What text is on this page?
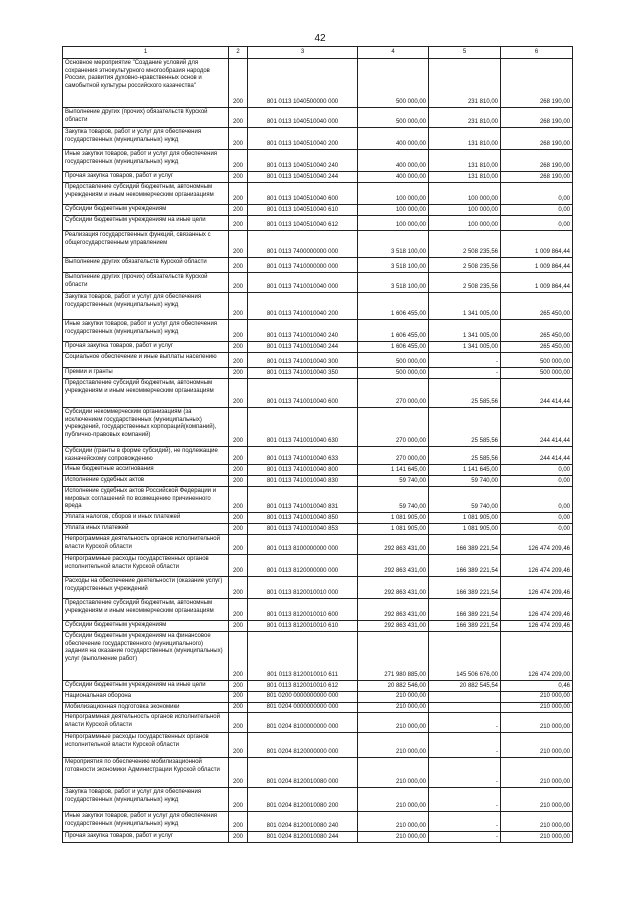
42
1	2	3	4	5	6
Основное мероприятие "Создание условий для сохранения этнокультурного многообразия народов России, развития духовно-нравственных основ и самобытной культуры российского казачества"	200	801 0113 1040500000 000	500 000,00	231 810,00	268 190,00
Выполнение других (прочих) обязательств Курской области	200	801 0113 1040510040 000	500 000,00	231 810,00	268 190,00
Закупка товаров, работ и услуг для обеспечения государственных (муниципальных) нужд	200	801 0113 1040510040 200	400 000,00	131 810,00	268 190,00
Иные закупки товаров, работ и услуг для обеспечения государственных (муниципальных) нужд	200	801 0113 1040510040 240	400 000,00	131 810,00	268 190,00
Прочая закупка товаров, работ и услуг	200	801 0113 1040510040 244	400 000,00	131 810,00	268 190,00
Предоставление субсидий бюджетным, автономным учреждениям и иным некоммерческим организациям	200	801 0113 1040510040 600	100 000,00	100 000,00	0,00
Субсидии бюджетным учреждениям	200	801 0113 1040510040 610	100 000,00	100 000,00	0,00
Субсидии бюджетным учреждениям на иные цели	200	801 0113 1040510040 612	100 000,00	100 000,00	0,00
Реализация государственных функций, связанных с общегосударственным управлением	200	801 0113 7400000000 000	3 518 100,00	2 508 235,56	1 009 864,44
Выполнение других обязательств Курской области	200	801 0113 7410000000 000	3 518 100,00	2 508 235,56	1 009 864,44
Выполнение других (прочих) обязательств Курской области	200	801 0113 7410010040 000	3 518 100,00	2 508 235,56	1 009 864,44
Закупка товаров, работ и услуг для обеспечения государственных (муниципальных) нужд	200	801 0113 7410010040 200	1 606 455,00	1 341 005,00	265 450,00
Иные закупки товаров, работ и услуг для обеспечения государственных (муниципальных) нужд	200	801 0113 7410010040 240	1 606 455,00	1 341 005,00	265 450,00
Прочая закупка товаров, работ и услуг	200	801 0113 7410010040 244	1 606 455,00	1 341 005,00	265 450,00
Социальное обеспечение и иные выплаты населению	200	801 0113 7410010040 300	500 000,00	-	500 000,00
Премии и гранты	200	801 0113 7410010040 350	500 000,00	-	500 000,00
Предоставление субсидий бюджетным, автономным учреждениям и иным некоммерческим организациям	200	801 0113 7410010040 600	270 000,00	25 585,56	244 414,44
Субсидии некоммерческим организациям (за исключением государственных (муниципальных) учреждений, государственных корпораций(компаний), публично-правовых компаний)	200	801 0113 7410010040 630	270 000,00	25 585,56	244 414,44
Субсидии (гранты в форме субсидий), не подлежащие казначейскому сопровождению	200	801 0113 7410010040 633	270 000,00	25 585,56	244 414,44
Иные бюджетные ассигнования	200	801 0113 7410010040 800	1 141 645,00	1 141 645,00	0,00
Исполнение судебных актов	200	801 0113 7410010040 830	59 740,00	59 740,00	0,00
Исполнение судебных актов Российской Федерации и мировых соглашений по возмещению причиненного вреда	200	801 0113 7410010040 831	59 740,00	59 740,00	0,00
Уплата налогов, сборов и иных платежей	200	801 0113 7410010040 850	1 081 905,00	1 081 905,00	0,00
Уплата иных платежей	200	801 0113 7410010040 853	1 081 905,00	1 081 905,00	0,00
Непрограммная деятельность органов исполнительной власти Курской области	200	801 0113 8100000000 000	292 863 431,00	166 389 221,54	126 474 209,46
Непрограммные расходы государственных органов исполнительной власти Курской области	200	801 0113 8120000000 000	292 863 431,00	166 389 221,54	126 474 209,46
Расходы на обеспечение деятельности (оказание услуг) государственных учреждений	200	801 0113 8120010010 000	292 863 431,00	166 389 221,54	126 474 209,46
Предоставление субсидий бюджетным, автономным учреждениям и иным некоммерческим организациям	200	801 0113 8120010010 600	292 863 431,00	166 389 221,54	126 474 209,46
Субсидии бюджетным учреждениям	200	801 0113 8120010010 610	292 863 431,00	166 389 221,54	126 474 209,46
Субсидии бюджетным учреждениям на финансовое обеспечение государственного (муниципального) задания на оказание государственных (муниципальных) услуг (выполнение работ)	200	801 0113 8120010010 611	271 980 885,00	145 506 676,00	126 474 209,00
Субсидии бюджетным учреждениям на иные цели	200	801 0113 8120010010 612	20 882 546,00	20 882 545,54	0,46
Национальная оборона	200	801 0200 0000000000 000	210 000,00		210 000,00
Мобилизационная подготовка экономики	200	801 0204 0000000000 000	210 000,00		210 000,00
Непрограммная деятельность органов исполнительной власти Курской области	200	801 0204 8100000000 000	210 000,00	-	210 000,00
Непрограммные расходы государственных органов исполнительной власти Курской области	200	801 0204 8120000000 000	210 000,00	-	210 000,00
Мероприятия по обеспечению мобилизационной готовности экономики Администрации Курской области	200	801 0204 8120010080 000	210 000,00	-	210 000,00
Закупка товаров, работ и услуг для обеспечения государственных (муниципальных) нужд	200	801 0204 8120010080 200	210 000,00	-	210 000,00
Иные закупки товаров, работ и услуг для обеспечения государственных (муниципальных) нужд	200	801 0204 8120010080 240	210 000,00	-	210 000,00
Прочая закупка товаров, работ и услуг	200	801 0204 8120010080 244	210 000,00	-	210 000,00
